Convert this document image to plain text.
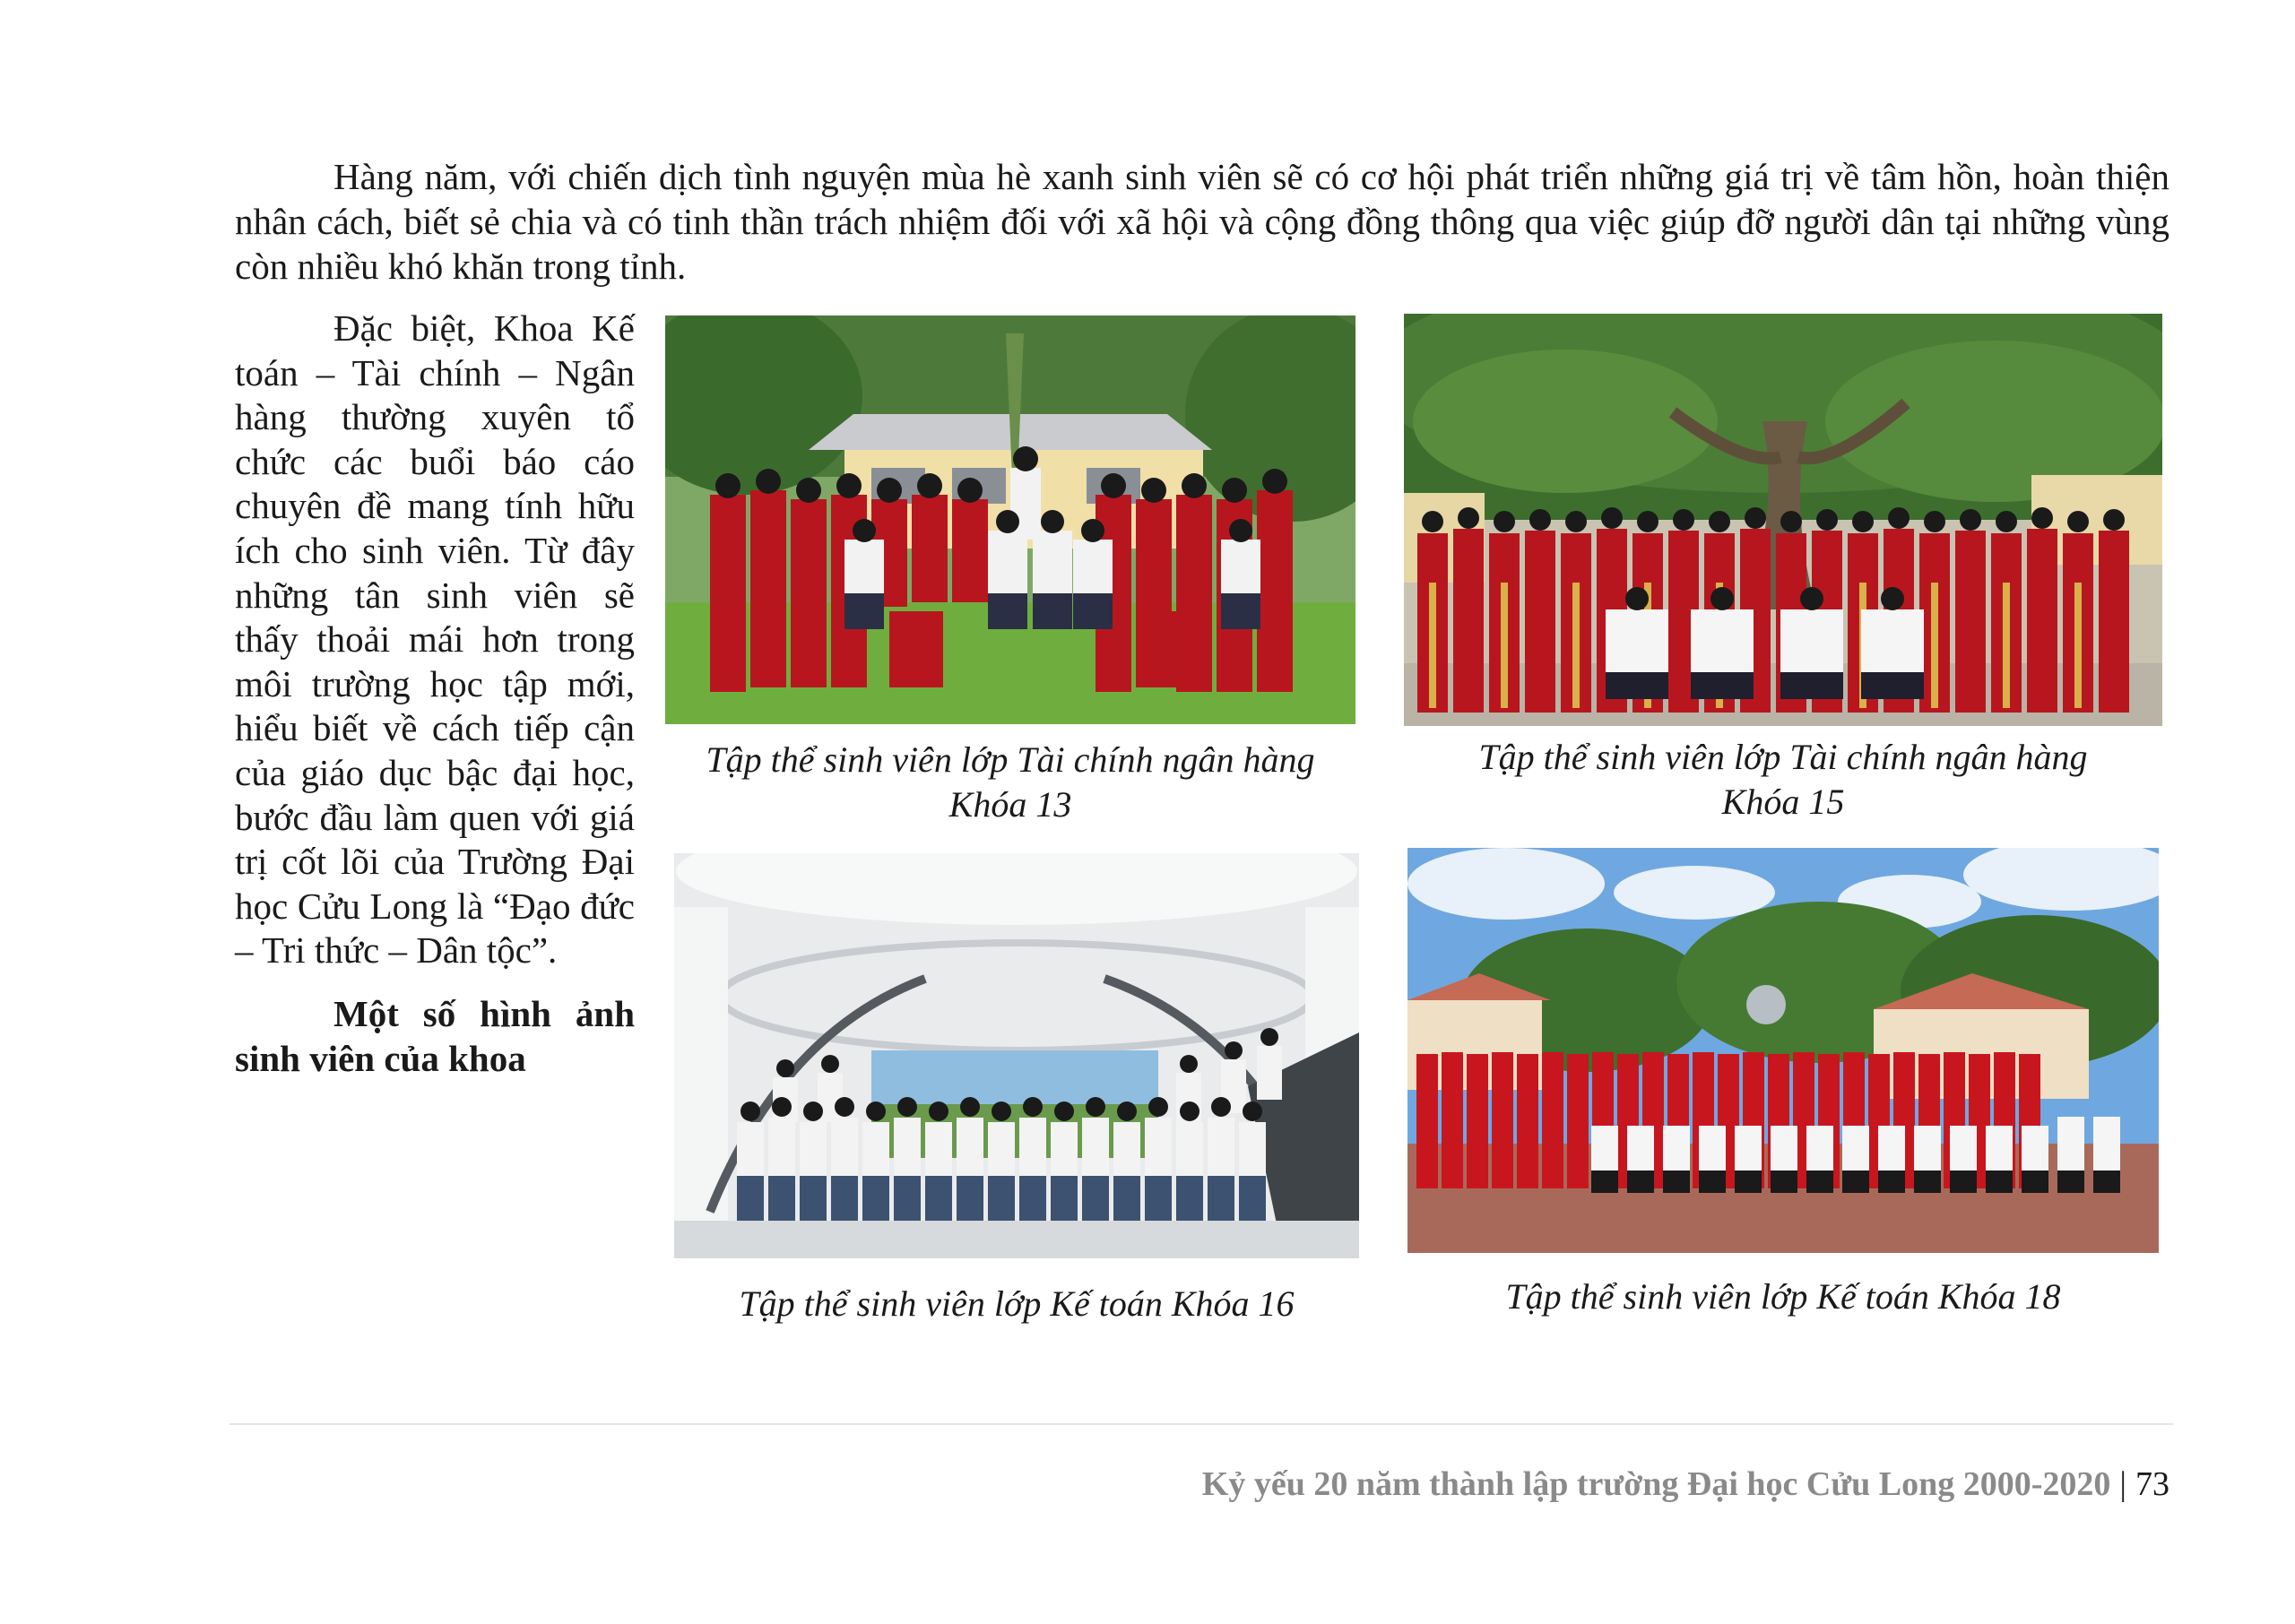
Hàng năm, với chiến dịch tình nguyện mùa hè xanh sinh viên sẽ có cơ hội phát triển những giá trị về tâm hồn, hoàn thiện nhân cách, biết sẻ chia và có tinh thần trách nhiệm đối với xã hội và cộng đồng thông qua việc giúp đỡ người dân tại những vùng còn nhiều khó khăn trong tỉnh.

Đặc biệt, Khoa Kế toán – Tài chính – Ngân hàng thường xuyên tổ chức các buổi báo cáo chuyên đề mang tính hữu ích cho sinh viên. Từ đây những tân sinh viên sẽ thấy thoải mái hơn trong môi trường học tập mới, hiểu biết về cách tiếp cận của giáo dục bậc đại học, bước đầu làm quen với giá trị cốt lõi của Trường Đại học Cửu Long là “Đạo đức – Tri thức – Dân tộc”.

Một số hình ảnh sinh viên của khoa

Tập thể sinh viên lớp Tài chính ngân hàng
Khóa 13

Tập thể sinh viên lớp Tài chính ngân hàng
Khóa 15

Tập thể sinh viên lớp Kế toán Khóa 16	Tập thể sinh viên lớp Kế toán Khóa 18

Kỷ yếu 20 năm thành lập trường Đại học Cửu Long 2000-2020 | 73
